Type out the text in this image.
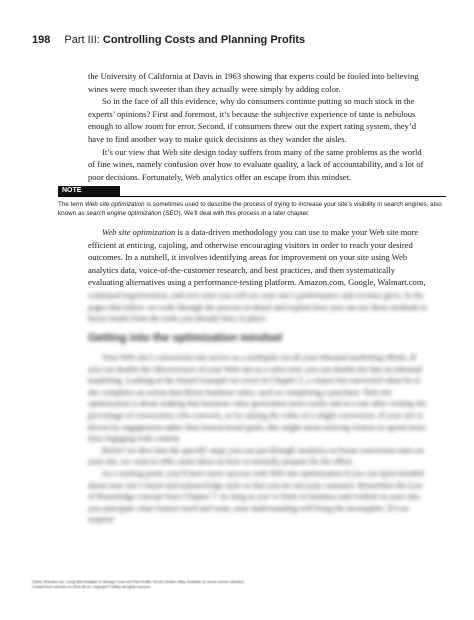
198 Part III:
Controlling Costs and Planning Profits

the University of California at Davis in 1963 showing that experts could be fooled into believing wines were much sweeter than they actually were simply by adding color.

So in the face of all this evidence, why do consumers continue putting so much stock in the experts’ opinions? First and foremost, it’s because the subjective experience of taste is nebulous enough to allow room for error. Second, if consumers threw out the expert rating system, they’d have to find another way to make quick decisions as they wander the aisles.

It’s our view that Web site design today suffers from many of the same problems as the world of fine wines, namely confusion over how to evaluate quality, a lack of accountability, and a lot of poor decisions. Fortunately, Web analytics offer an escape from this mindset.

NOTE
The term Web site optimization is sometimes used to describe the process of trying to increase your site’s visibility in search engines, also known as search engine optimization (SEO). We’ll deal with this process in a later chapter.

Web site optimization is a data-driven methodology you can use to make your Web site more efficient at enticing, cajoling, and otherwise encouraging visitors in order to reach your desired outcomes. In a nutshell, it involves identifying areas for improvement on your site using Web analytics data, voice-of-the-customer research, and best practices, and then systematically evaluating alternatives using a performance-testing platform. Amazon.com, Google, Walmart.com,

continued improvement, and over time you will see your site’s performance and revenue grow. In the pages that follow we walk through the process in detail and explain how you can use these methods to boost results from the tools you already have in place.

Getting into the optimization mindset

Your Web site’s conversion rate serves as a multiplier on all your inbound marketing efforts. If you can double the effectiveness of your Web site as a sales tool, you can double the hits on inbound marketing. Looking at the funnel example we cover in Chapter 5, a visitor has converted when he or she completes an action that drives business value, such as completing a purchase. Web site optimization is about making that business value generation more easily and at a rate after visiting the percentage of conversions who converts, or by raising the value of a single conversion. If your site is driven by engagement rather than transactional goals, this might mean enticing visitors to spend more time engaging with content.

Before we dive into the specific steps you can put through Analytics to boost conversion rates on your site, we want to offer some ideas on how to mentally prepare for the effort.

As a starting point, you’ll have more success with Web site optimization if you can open-minded about your site’s latent and acknowledge style so that you are not your customer. Remember the Law of Knowledge concept from Chapter 7: As long as you’ve been in business and worked on your site, you anticipate what visitors need and want, your understanding will bring the incomplete. It’s no surprise

Clarke, Brandon Lee. Using Web Analytics to Manage Costs and Plan Profits. Ebook Central. Wiley. Available at: ebook central collection.
Created from colorado on 2024-05-14. Copyright © Wiley. All rights reserved.
